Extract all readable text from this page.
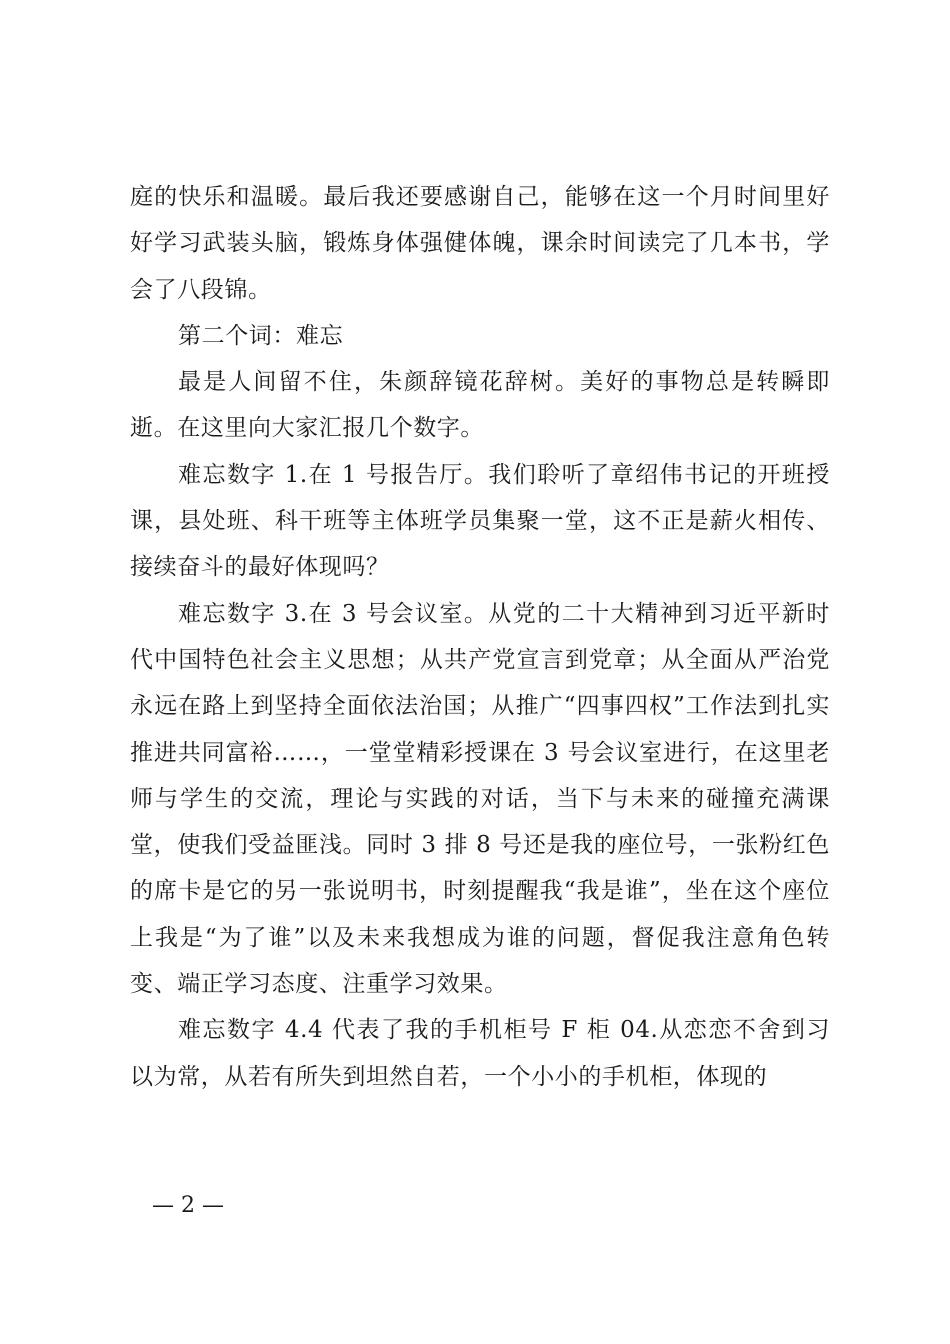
庭的快乐和温暖。最后我还要感谢自己，能够在这一个月时间里好好学习武装头脑，锻炼身体强健体魄，课余时间读完了几本书，学会了八段锦。

第二个词：难忘

最是人间留不住，朱颜辞镜花辞树。美好的事物总是转瞬即逝。在这里向大家汇报几个数字。

难忘数字 1.在 1 号报告厅。我们聆听了章绍伟书记的开班授课，县处班、科干班等主体班学员集聚一堂，这不正是薪火相传、接续奋斗的最好体现吗？

难忘数字 3.在 3 号会议室。从党的二十大精神到习近平新时代中国特色社会主义思想；从共产党宣言到党章；从全面从严治党永远在路上到坚持全面依法治国；从推广“四事四权”工作法到扎实推进共同富裕……，一堂堂精彩授课在 3 号会议室进行，在这里老师与学生的交流，理论与实践的对话，当下与未来的碰撞充满课堂，使我们受益匪浅。同时 3 排 8 号还是我的座位号，一张粉红色的席卡是它的另一张说明书，时刻提醒我“我是谁”，坐在这个座位上我是“为了谁”以及未来我想成为谁的问题，督促我注意角色转变、端正学习态度、注重学习效果。

难忘数字 4.4 代表了我的手机柜号 F 柜 04.从恋恋不舍到习以为常，从若有所失到坦然自若，一个小小的手机柜，体现的

— 2 —
